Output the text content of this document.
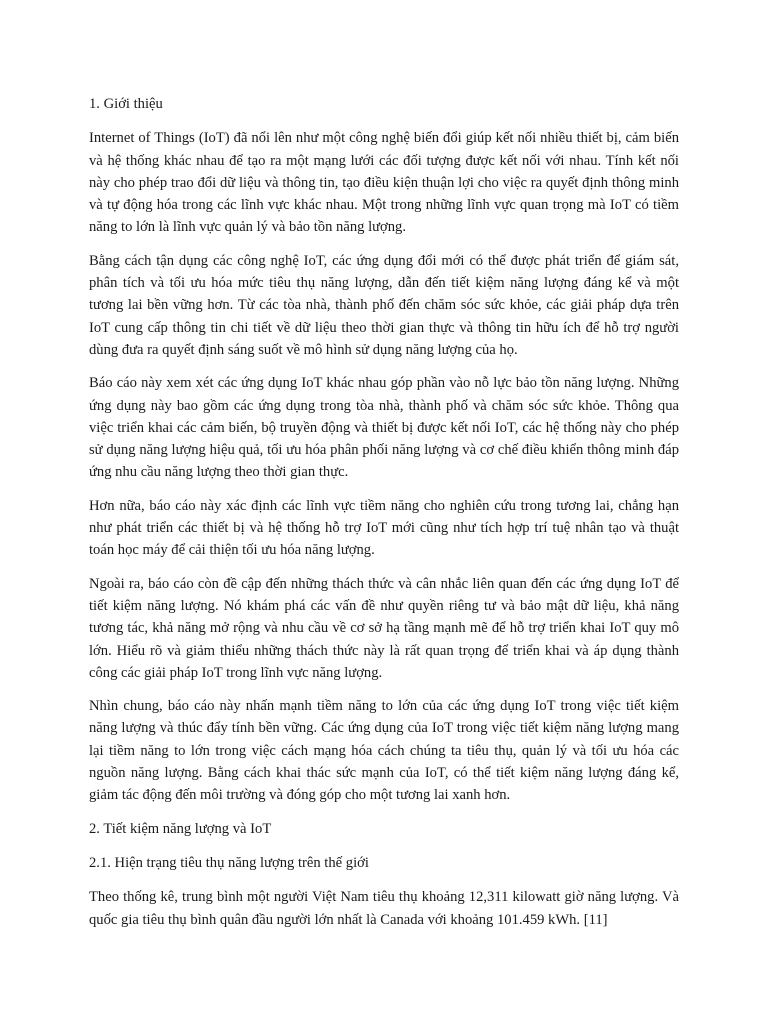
1. Giới thiệu

Internet of Things (IoT) đã nổi lên như một công nghệ biến đổi giúp kết nối nhiều thiết bị, cảm biến và hệ thống khác nhau để tạo ra một mạng lưới các đối tượng được kết nối với nhau. Tính kết nối này cho phép trao đổi dữ liệu và thông tin, tạo điều kiện thuận lợi cho việc ra quyết định thông minh và tự động hóa trong các lĩnh vực khác nhau. Một trong những lĩnh vực quan trọng mà IoT có tiềm năng to lớn là lĩnh vực quản lý và bảo tồn năng lượng.

Bằng cách tận dụng các công nghệ IoT, các ứng dụng đổi mới có thể được phát triển để giám sát, phân tích và tối ưu hóa mức tiêu thụ năng lượng, dẫn đến tiết kiệm năng lượng đáng kể và một tương lai bền vững hơn. Từ các tòa nhà, thành phố đến chăm sóc sức khỏe, các giải pháp dựa trên IoT cung cấp thông tin chi tiết về dữ liệu theo thời gian thực và thông tin hữu ích để hỗ trợ người dùng đưa ra quyết định sáng suốt về mô hình sử dụng năng lượng của họ.

Báo cáo này xem xét các ứng dụng IoT khác nhau góp phần vào nỗ lực bảo tồn năng lượng. Những ứng dụng này bao gồm các ứng dụng trong tòa nhà, thành phố và chăm sóc sức khỏe. Thông qua việc triển khai các cảm biến, bộ truyền động và thiết bị được kết nối IoT, các hệ thống này cho phép sử dụng năng lượng hiệu quả, tối ưu hóa phân phối năng lượng và cơ chế điều khiển thông minh đáp ứng nhu cầu năng lượng theo thời gian thực.

Hơn nữa, báo cáo này xác định các lĩnh vực tiềm năng cho nghiên cứu trong tương lai, chẳng hạn như phát triển các thiết bị và hệ thống hỗ trợ IoT mới cũng như tích hợp trí tuệ nhân tạo và thuật toán học máy để cải thiện tối ưu hóa năng lượng.

Ngoài ra, báo cáo còn đề cập đến những thách thức và cân nhắc liên quan đến các ứng dụng IoT để tiết kiệm năng lượng. Nó khám phá các vấn đề như quyền riêng tư và bảo mật dữ liệu, khả năng tương tác, khả năng mở rộng và nhu cầu về cơ sở hạ tầng mạnh mẽ để hỗ trợ triển khai IoT quy mô lớn. Hiểu rõ và giảm thiểu những thách thức này là rất quan trọng để triển khai và áp dụng thành công các giải pháp IoT trong lĩnh vực năng lượng.

Nhìn chung, báo cáo này nhấn mạnh tiềm năng to lớn của các ứng dụng IoT trong việc tiết kiệm năng lượng và thúc đẩy tính bền vững. Các ứng dụng của IoT trong việc tiết kiệm năng lượng mang lại tiềm năng to lớn trong việc cách mạng hóa cách chúng ta tiêu thụ, quản lý và tối ưu hóa các nguồn năng lượng. Bằng cách khai thác sức mạnh của IoT, có thể tiết kiệm năng lượng đáng kể, giảm tác động đến môi trường và đóng góp cho một tương lai xanh hơn.

2. Tiết kiệm năng lượng và IoT
2.1. Hiện trạng tiêu thụ năng lượng trên thế giới

Theo thống kê, trung bình một người Việt Nam tiêu thụ khoảng 12,311 kilowatt giờ năng lượng. Và quốc gia tiêu thụ bình quân đầu người lớn nhất là Canada với khoảng 101.459 kWh. [11]
